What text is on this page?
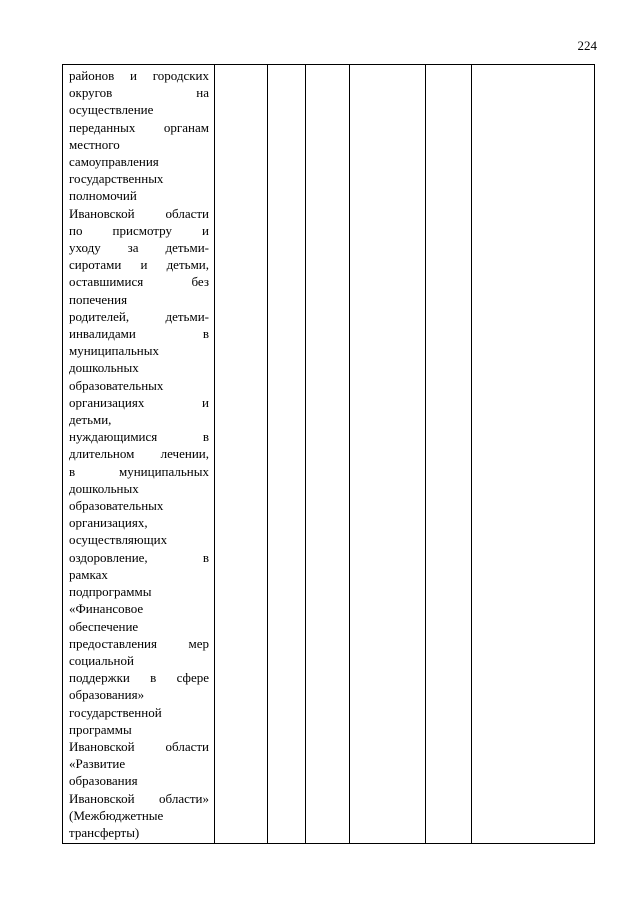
224
районов и городских
округов на
осуществление
переданных органам
местного
самоуправления
государственных
полномочий
Ивановской области
по присмотру и
уходу за детьми-
сиротами и детьми,
оставшимися без
попечения
родителей, детьми-
инвалидами в
муниципальных
дошкольных
образовательных
организациях и
детьми,
нуждающимися в
длительном лечении,
в муниципальных
дошкольных
образовательных
организациях,
осуществляющих
оздоровление, в
рамках
подпрограммы
«Финансовое
обеспечение
предоставления мер
социальной
поддержки в сфере
образования»
государственной
программы
Ивановской области
«Развитие
образования
Ивановской области»
(Межбюджетные
трансферты)
